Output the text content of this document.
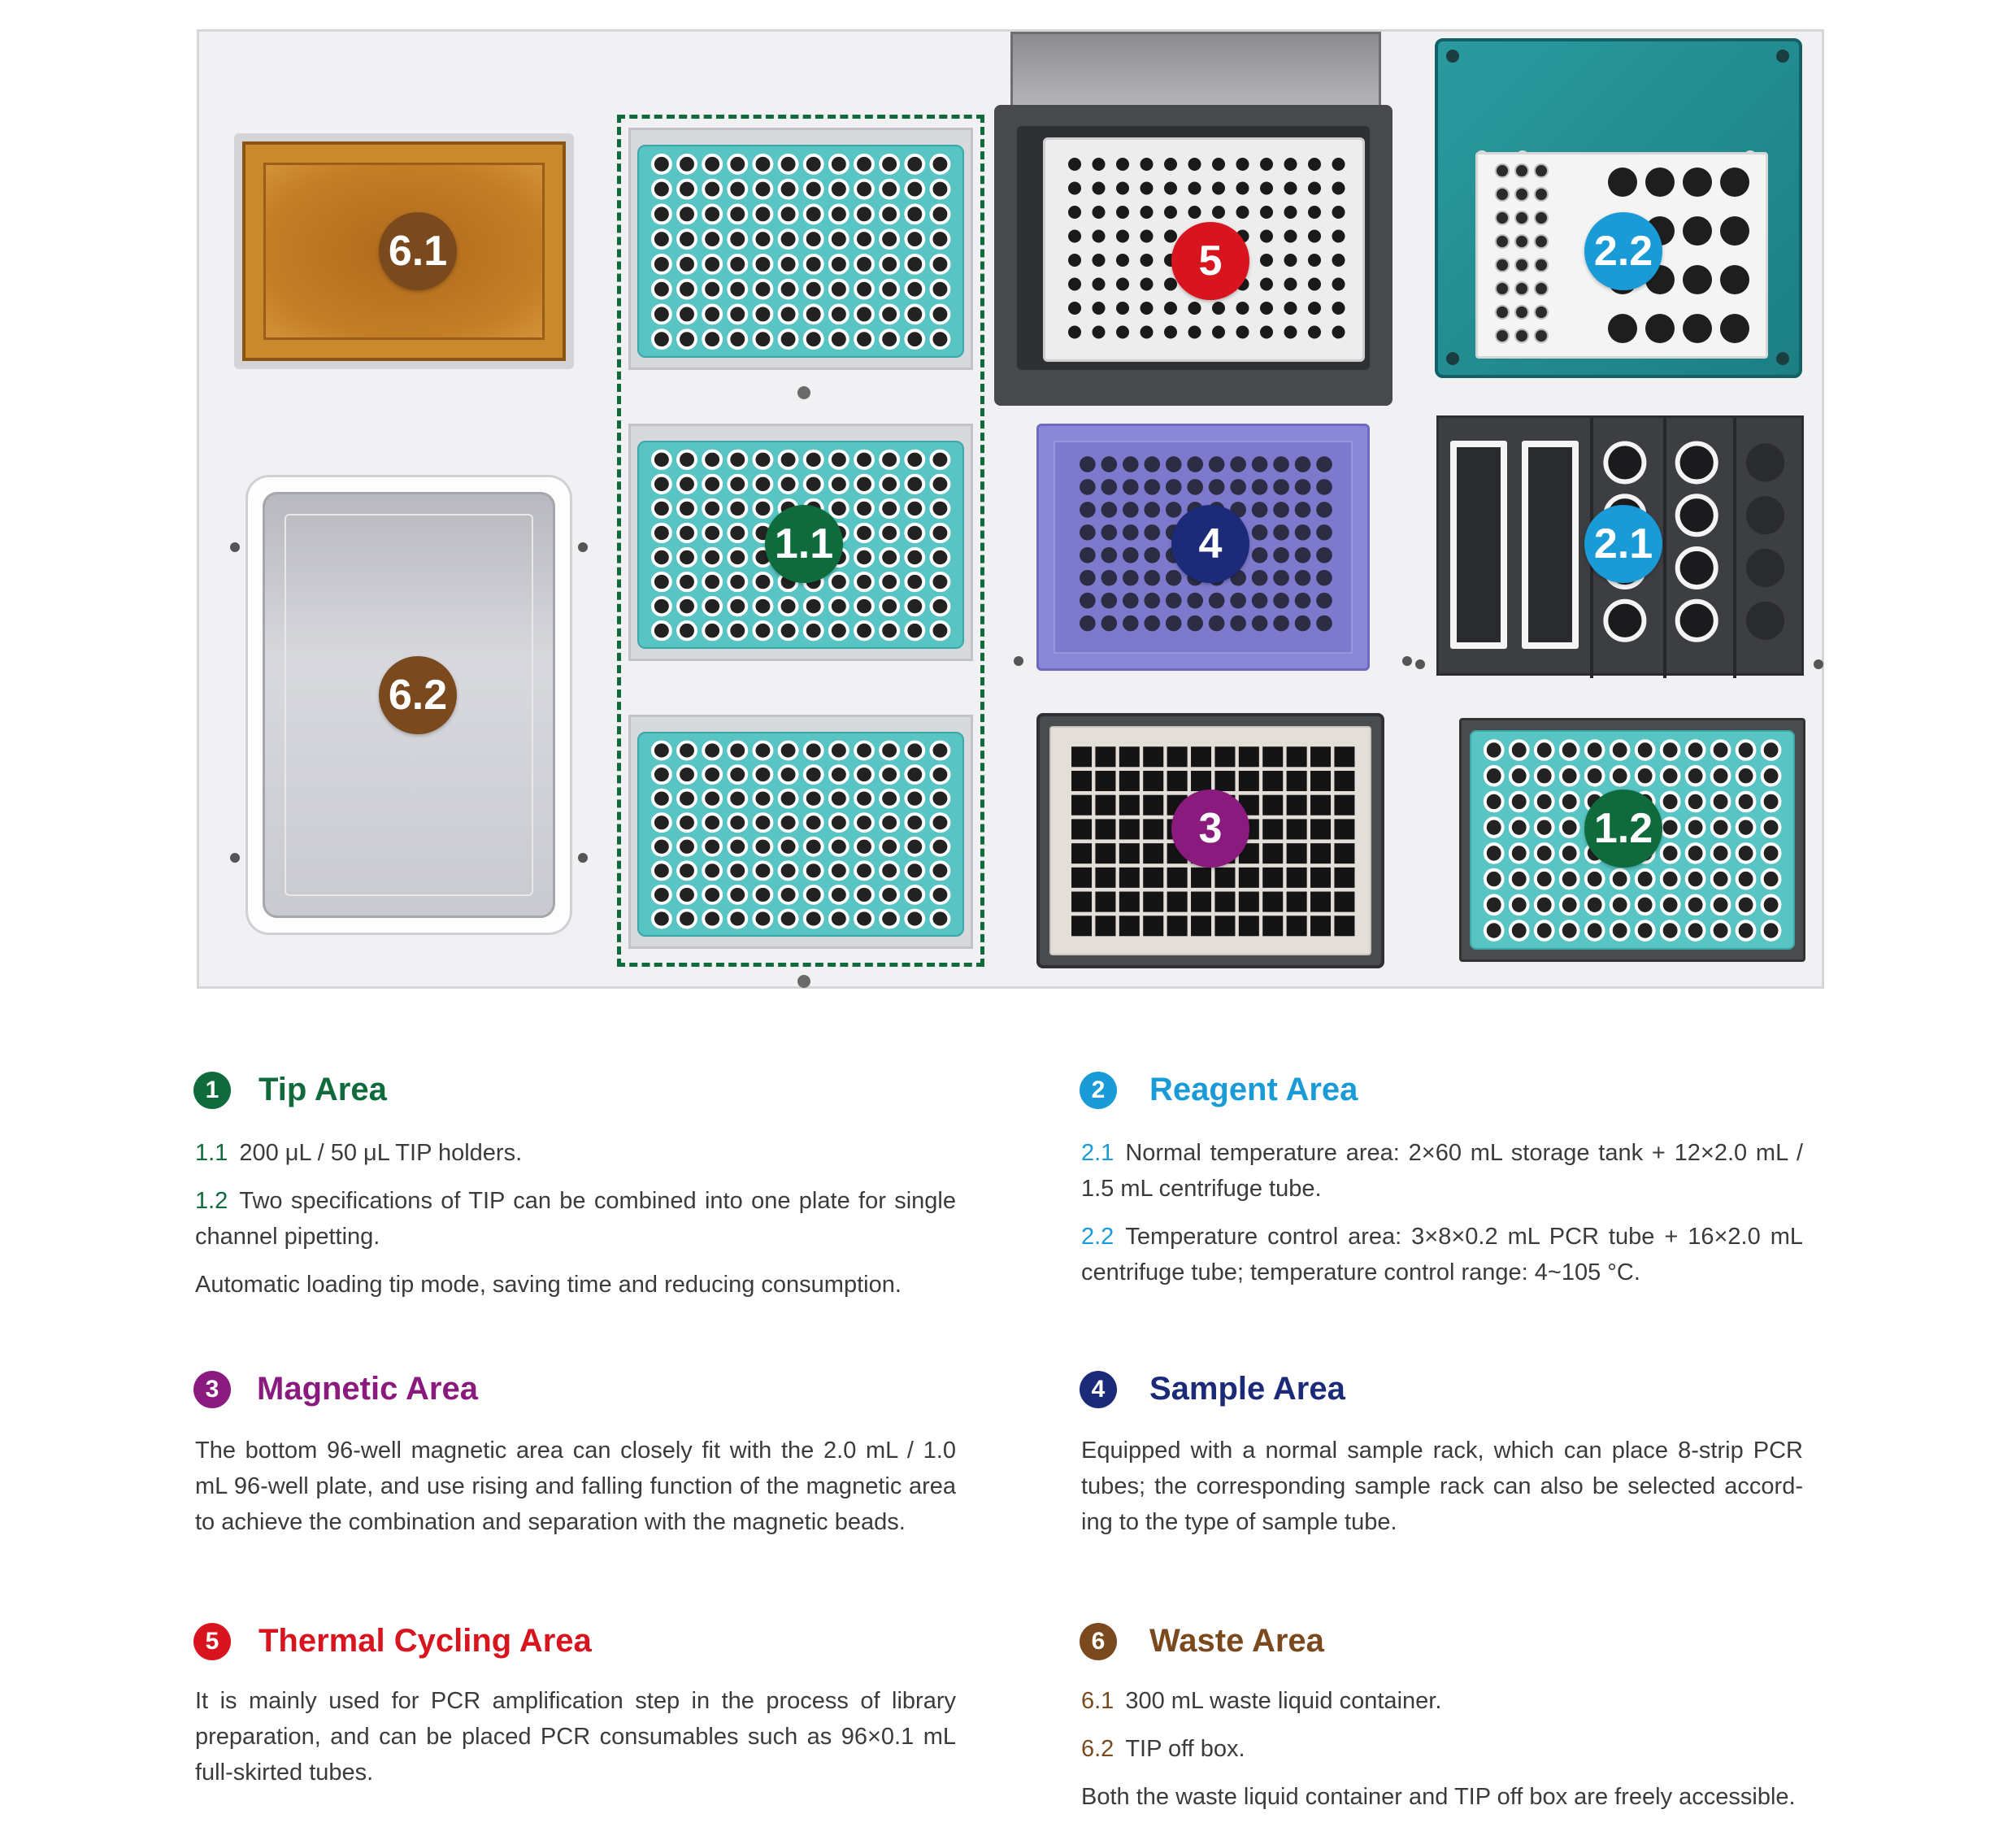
6.1
6.2
1.1
1.2
2.1
2.2
3
4
5
1	Tip Area

1.1 200 μL / 50 μL TIP holders.

1.2 Two specifications of TIP can be combined into one plate for single channel pipetting.

Automatic loading tip mode, saving time and reducing consumption.

2	Reagent Area

2.1 Normal temperature area: 2×60 mL storage tank + 12×2.0 mL / 1.5 mL centrifuge tube.

2.2 Temperature control area: 3×8×0.2 mL PCR tube + 16×2.0 mL centrifuge tube; temperature control range: 4~105 °C.

3	Magnetic Area
The bottom 96-well magnetic area can closely fit with the 2.0 mL / 1.0 mL 96-well plate, and use rising and falling function of the magnetic area to achieve the combination and separation with the magnetic beads.
4	Sample Area
Equipped with a normal sample rack, which can place 8-strip PCR tubes; the corresponding sample rack can also be selected accord-ing to the type of sample tube.
5	Thermal Cycling Area
It is mainly used for PCR amplification step in the process of library preparation, and can be placed PCR consumables such as 96×0.1 mL full-skirted tubes.
6	Waste Area

6.1 300 mL waste liquid container.

6.2 TIP off box.

Both the waste liquid container and TIP off box are freely accessible.
